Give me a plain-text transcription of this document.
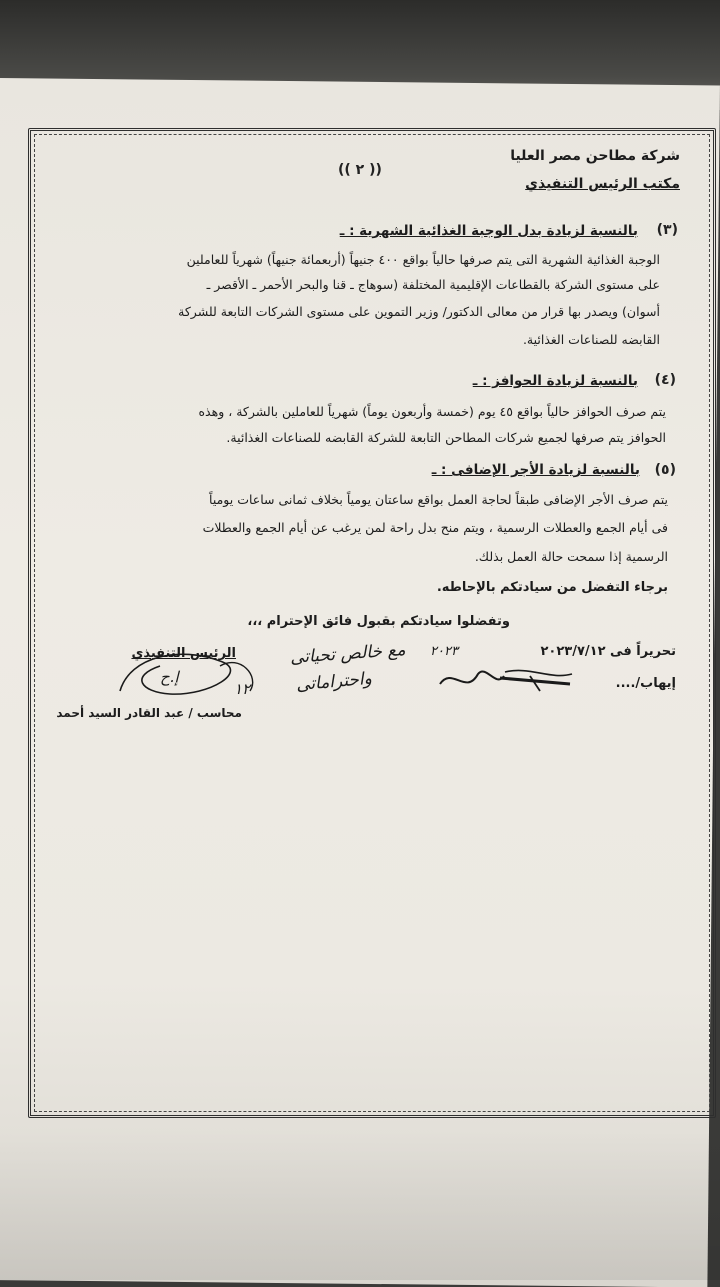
شركة مطاحن مصر العليا
مكتب الرئيس التنفيذي
(( ٢ ))
(٣)
بالنسبة لزيادة بدل الوجبة الغذائية الشهرية : ـ
الوجبة الغذائية الشهرية التى يتم صرفها حالياً بواقع ٤٠٠ جنيهاً (أربعمائة جنيهاً) شهرياً للعاملين
على مستوى الشركة بالقطاعات الإقليمية المختلفة (سوهاج ـ قنا والبحر الأحمر ـ الأقصر ـ
أسوان) ويصدر بها قرار من معالى الدكتور/ وزير التموين على مستوى الشركات التابعة للشركة
القابضه للصناعات الغذائية.
(٤)
بالنسبة لزيادة الحوافز : ـ
يتم صرف الحوافز حالياً بواقع ٤٥ يوم (خمسة وأربعون يوماً) شهرياً للعاملين بالشركة ، وهذه
الحوافز يتم صرفها لجميع شركات المطاحن التابعة للشركة القابضه للصناعات الغذائية.
(٥)
بالنسبة لزيادة الأجر الإضافى : ـ
يتم صرف الأجر الإضافى طبقاً لحاجة العمل بواقع ساعتان يومياً بخلاف ثمانى ساعات يومياً
فى أيام الجمع والعطلات الرسمية ، ويتم منح بدل راحة لمن يرغب عن أيام الجمع والعطلات
الرسمية إذا سمحت حالة العمل بذلك.
برجاء التفضل من سيادتكم بالإحاطه.
وتفضلوا سيادتكم بقبول فائق الإحترام ،،،
تحريراً فى ٢٠٢٣/٧/١٢
الرئيس التنفيذي
إيهاب/....
محاسب / عبد القادر السيد أحمد
مع خالص تحياتى
واحتراماتى
١٢
٢٠٢٣
إ.ح
